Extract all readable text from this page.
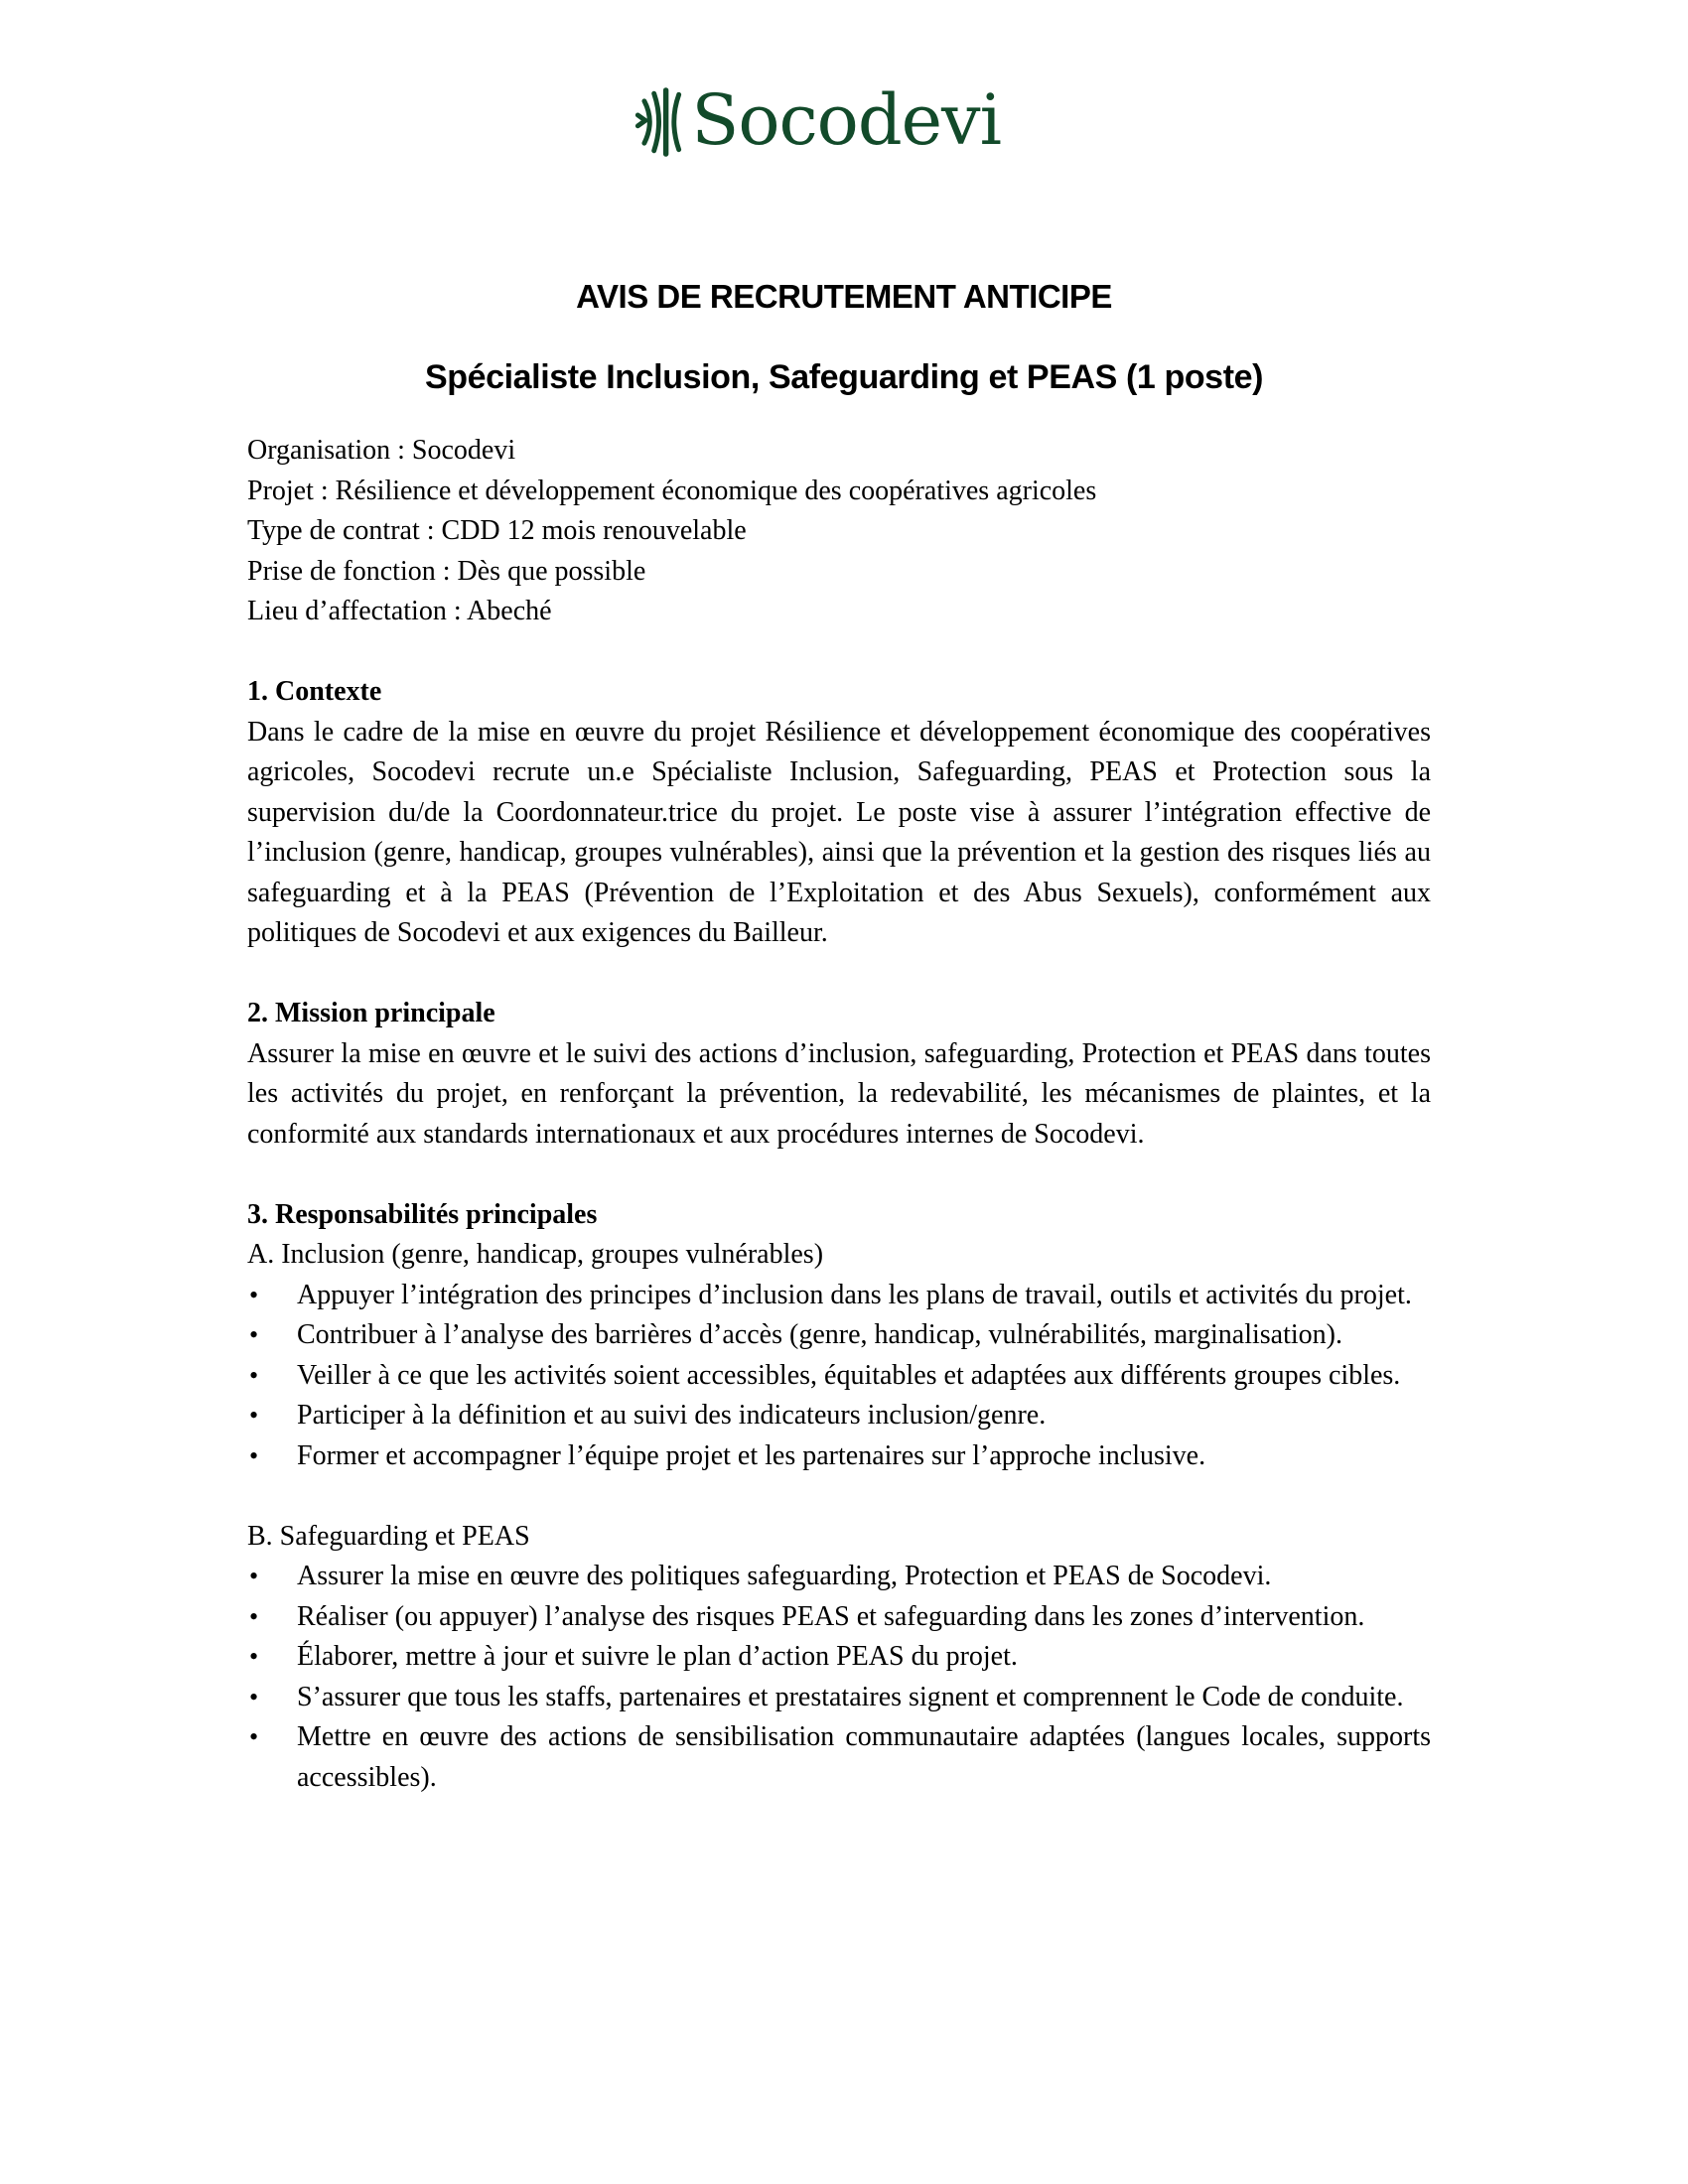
Socodevi
AVIS DE RECRUTEMENT ANTICIPE
Spécialiste Inclusion, Safeguarding et PEAS (1 poste)
Organisation : Socodevi
Projet : Résilience et développement économique des coopératives agricoles
Type de contrat : CDD 12 mois renouvelable
Prise de fonction : Dès que possible
Lieu d’affectation : Abeché
1. Contexte
Dans le cadre de la mise en œuvre du projet Résilience et développement économique des coopératives agricoles, Socodevi recrute un.e Spécialiste Inclusion, Safeguarding, PEAS et Protection sous la supervision du/de la Coordonnateur.trice du projet. Le poste vise à assurer l’intégration effective de l’inclusion (genre, handicap, groupes vulnérables), ainsi que la prévention et la gestion des risques liés au safeguarding et à la PEAS (Prévention de l’Exploitation et des Abus Sexuels), conformément aux politiques de Socodevi et aux exigences du Bailleur.
2. Mission principale
Assurer la mise en œuvre et le suivi des actions d’inclusion, safeguarding, Protection et PEAS dans toutes les activités du projet, en renforçant la prévention, la redevabilité, les mécanismes de plaintes, et la conformité aux standards internationaux et aux procédures internes de Socodevi.
3. Responsabilités principales
A. Inclusion (genre, handicap, groupes vulnérables)
• Appuyer l’intégration des principes d’inclusion dans les plans de travail, outils et activités du projet.
• Contribuer à l’analyse des barrières d’accès (genre, handicap, vulnérabilités, marginalisation).
• Veiller à ce que les activités soient accessibles, équitables et adaptées aux différents groupes cibles.
• Participer à la définition et au suivi des indicateurs inclusion/genre.
• Former et accompagner l’équipe projet et les partenaires sur l’approche inclusive.
B. Safeguarding et PEAS
• Assurer la mise en œuvre des politiques safeguarding, Protection et PEAS de Socodevi.
• Réaliser (ou appuyer) l’analyse des risques PEAS et safeguarding dans les zones d’intervention.
• Élaborer, mettre à jour et suivre le plan d’action PEAS du projet.
• S’assurer que tous les staffs, partenaires et prestataires signent et comprennent le Code de conduite.
• Mettre en œuvre des actions de sensibilisation communautaire adaptées (langues locales, supports accessibles).
